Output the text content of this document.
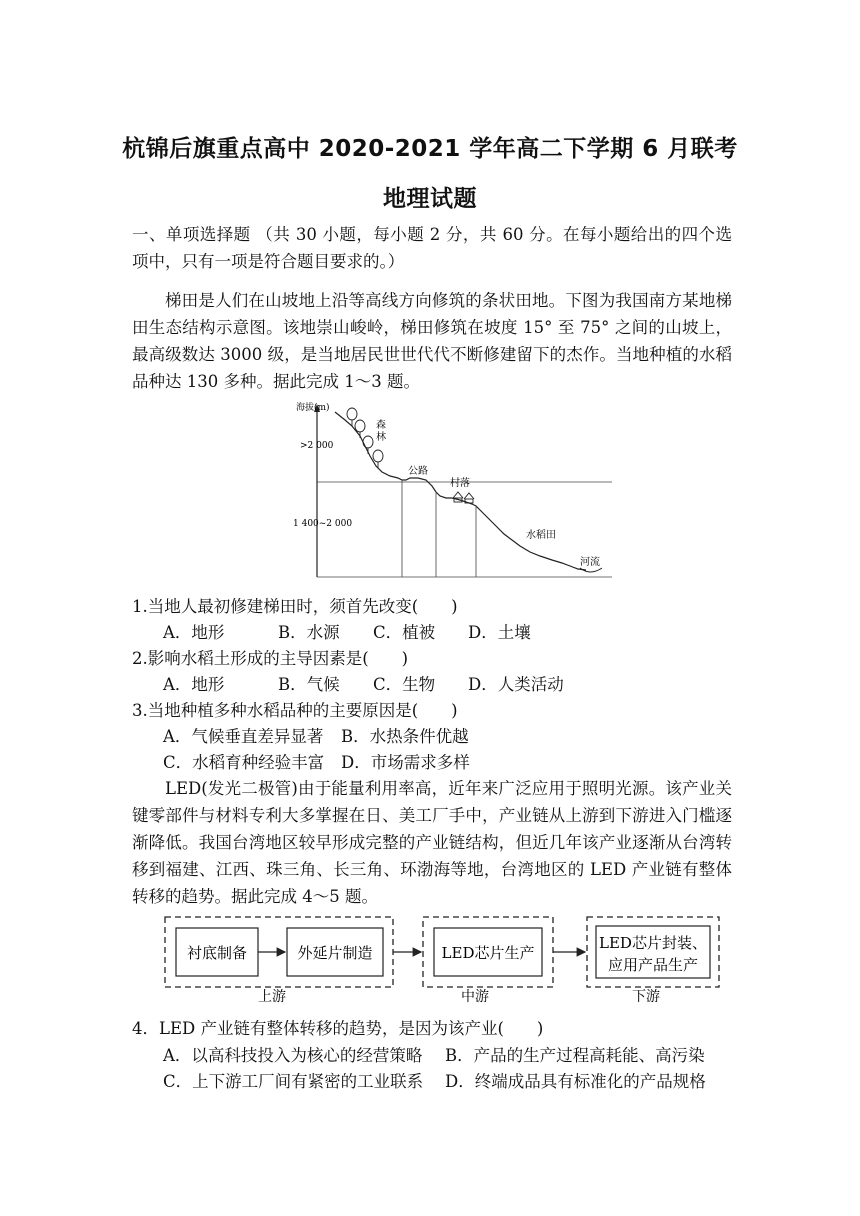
杭锦后旗重点高中 2020-2021 学年高二下学期 6 月联考
地理试题
一、单项选择题 （共 30 小题，每小题 2 分，共 60 分。在每小题给出的四个选项中，只有一项是符合题目要求的。）
梯田是人们在山坡地上沿等高线方向修筑的条状田地。下图为我国南方某地梯田生态结构示意图。该地崇山峻岭，梯田修筑在坡度 15° 至 75° 之间的山坡上，最高级数达 3000 级，是当地居民世世代代不断修建留下的杰作。当地种植的水稻品种达 130 多种。据此完成 1～3 题。
海拔(m)
>2 000
1 400~2 000
森
林
公路
村落
水稻田
河流
1.当地人最初修建梯田时，须首先改变(　　)
A．地形	B．水源 C．植被 D．土壤
2.影响水稻土形成的主导因素是(　　)
A．地形	B．气候 C．生物 D．人类活动
3.当地种植多种水稻品种的主要原因是(　　)
A．气候垂直差异显著 B．水热条件优越
C．水稻育种经验丰富 D．市场需求多样
LED(发光二极管)由于能量利用率高，近年来广泛应用于照明光源。该产业关键零部件与材料专利大多掌握在日、美工厂手中，产业链从上游到下游进入门槛逐渐降低。我国台湾地区较早形成完整的产业链结构，但近几年该产业逐渐从台湾转移到福建、江西、珠三角、长三角、环渤海等地，台湾地区的 LED 产业链有整体转移的趋势。据此完成 4～5 题。
衬底制备	外延片制造	LED芯片生产
LED芯片封装、
应用产品生产
上游	中游	下游
4．LED 产业链有整体转移的趋势，是因为该产业(　　)
A．以高科技投入为核心的经营策略 B．产品的生产过程高耗能、高污染
C．上下游工厂间有紧密的工业联系 D．终端成品具有标准化的产品规格
